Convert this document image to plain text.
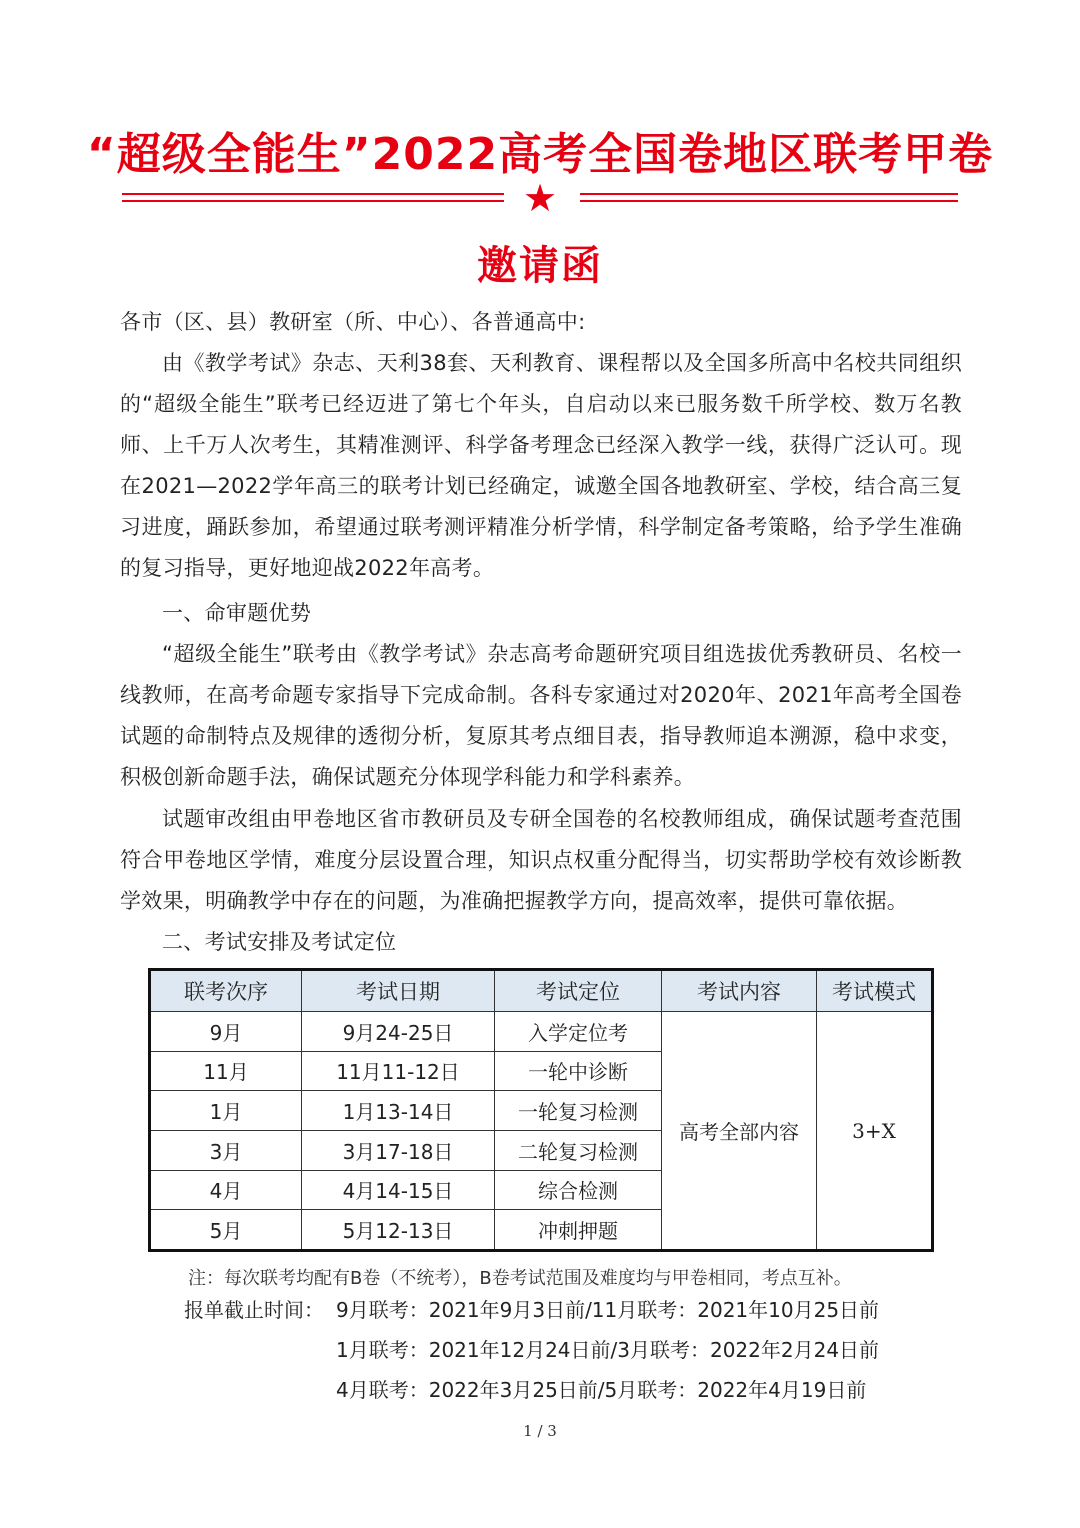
“超级全能生”2022高考全国卷地区联考甲卷
★
邀请函

各市（区、县）教研室（所、中心）、各普通高中:

由《教学考试》杂志、天利38套、天利教育、课程帮以及全国多所高中名校共同组织的“超级全能生”联考已经迈进了第七个年头，自启动以来已服务数千所学校、数万名教师、上千万人次考生，其精准测评、科学备考理念已经深入教学一线，获得广泛认可。现在2021—2022学年高三的联考计划已经确定，诚邀全国各地教研室、学校，结合高三复习进度，踊跃参加，希望通过联考测评精准分析学情，科学制定备考策略，给予学生准确的复习指导，更好地迎战2022年高考。

一、命审题优势

“超级全能生”联考由《教学考试》杂志高考命题研究项目组选拔优秀教研员、名校一线教师，在高考命题专家指导下完成命制。各科专家通过对2020年、2021年高考全国卷试题的命制特点及规律的透彻分析，复原其考点细目表，指导教师追本溯源，稳中求变，积极创新命题手法，确保试题充分体现学科能力和学科素养。

试题审改组由甲卷地区省市教研员及专研全国卷的名校教师组成，确保试题考查范围符合甲卷地区学情，难度分层设置合理，知识点权重分配得当，切实帮助学校有效诊断教学效果，明确教学中存在的问题，为准确把握教学方向，提高效率，提供可靠依据。

二、考试安排及考试定位

联考次序	考试日期	考试定位	考试内容	考试模式
9月	9月24-25日	入学定位考	高考全部内容	3+X
11月	11月11-12日	一轮中诊断		
1月	1月13-14日	一轮复习检测		
3月	3月17-18日	二轮复习检测		
4月	4月14-15日	综合检测		
5月	5月12-13日	冲刺押题		
注：每次联考均配有B卷（不统考），B卷考试范围及难度均与甲卷相同，考点互补。
报单截止时间： 9月联考：2021年9月3日前/11月联考：2021年10月25日前
1月联考：2021年12月24日前/3月联考：2022年2月24日前
4月联考：2022年3月25日前/5月联考：2022年4月19日前
1 / 3
